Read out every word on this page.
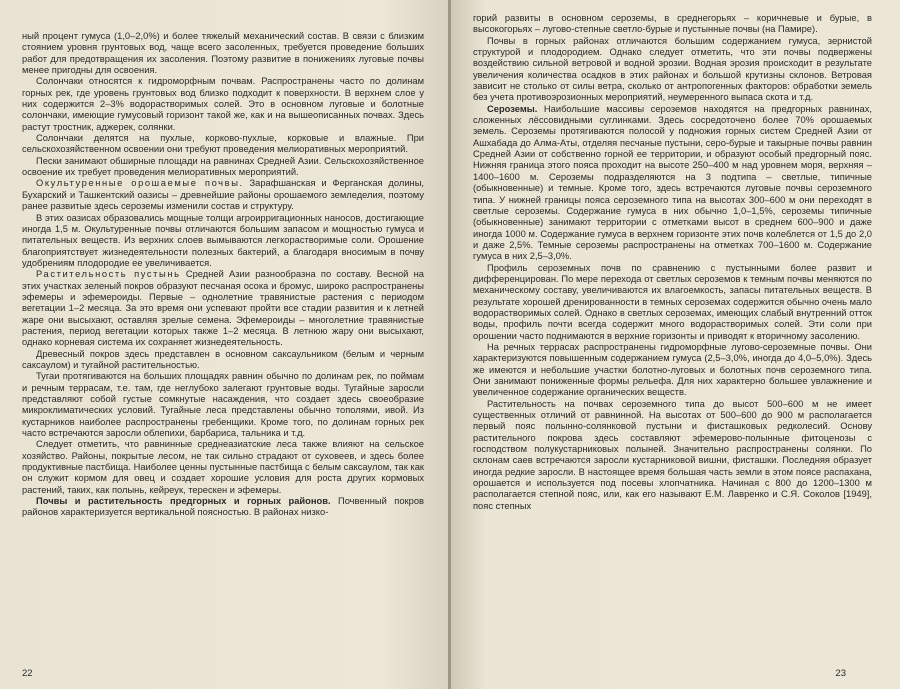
ный процент гумуса (1,0–2,0%) и более тяжелый механический состав. В связи с близким стоянием уровня грунтовых вод, чаще всего засоленных, требуется проведение больших работ для предотвращения их засоления. Поэтому развитие в понижениях луговые почвы менее пригодны для освоения.

Солончаки относятся к гидроморфным почвам. Распространены часто по долинам горных рек, где уровень грунтовых вод близко подходит к поверхности. В верхнем слое у них содержится 2–3% водорастворимых солей. Это в основном луговые и болотные солончаки, имеющие гумусовый горизонт такой же, как и на вышеописанных почвах. Здесь растут тростник, аджерек, солянки.

Солончаки делятся на пухлые, корково-пухлые, корковые и влажные. При сельскохозяйственном освоении они требуют проведения мелиоративных мероприятий.

Пески занимают обширные площади на равнинах Средней Азии. Сельскохозяйственное освоение их требует проведения мелиоративных мероприятий.

Окультуренные орошаемые почвы. Зарафшанская и Ферганская долины, Бухарский и Ташкентский оазисы – древнейшие районы орошаемого земледелия, поэтому ранее развитые здесь сероземы изменили состав и структуру.

В этих оазисах образовались мощные толщи агроирригационных наносов, достигающие иногда 1,5 м. Окультуренные почвы отличаются большим запасом и мощностью гумуса и питательных веществ. Из верхних слоев вымываются легкорастворимые соли. Орошение благоприятствует жизнедеятельности полезных бактерий, а благодаря вносимым в почву удобрениям плодородие ее увеличивается.

Растительность пустынь Средней Азии разнообразна по составу. Весной на этих участках зеленый покров образуют песчаная осока и бромус, широко распространены эфемеры и эфемероиды. Первые – однолетние травянистые растения с периодом вегетации 1–2 месяца. За это время они успевают пройти все стадии развития и к летней жаре они высыхают, оставляя зрелые семена. Эфемероиды – многолетние травянистые растения, период вегетации которых также 1–2 месяца. В летнюю жару они высыхают, однако корневая система их сохраняет жизнедеятельность.

Древесный покров здесь представлен в основном саксаульником (белым и черным саксаулом) и тугайной растительностью.

Тугаи протягиваются на больших площадях равнин обычно по долинам рек, по поймам и речным террасам, т.е. там, где неглубоко залегают грунтовые воды. Тугайные заросли представляют собой густые сомкнутые насаждения, что создает здесь своеобразие микроклиматических условий. Тугайные леса представлены обычно тополями, ивой. Из кустарников наиболее распространены гребенщики. Кроме того, по долинам горных рек часто встречаются заросли облепихи, барбариса, тальника и т.д.

Следует отметить, что равнинные среднеазиатские леса также влияют на сельское хозяйство. Районы, покрытые лесом, не так сильно страдают от суховеев, и здесь более продуктивные пастбища. Наиболее ценны пустынные пастбища с белым саксаулом, так как он служит кормом для овец и создает хорошие условия для роста других кормовых растений, таких, как полынь, кейреук, терескен и эфемеры.

Почвы и растительность предгорных и горных районов. Почвенный покров районов характеризуется вертикальной поясностью. В районах низко-

22

горий развиты в основном сероземы, в среднегорьях – коричневые и бурые, в высокогорьях – лугово-степные светло-бурые и пустынные почвы (на Памире).

Почвы в горных районах отличаются большим содержанием гумуса, зернистой структурой и плодородием. Однако следует отметить, что эти почвы подвержены воздействию сильной ветровой и водной эрозии. Водная эрозия происходит в результате увеличения количества осадков в этих районах и большой крутизны склонов. Ветровая зависит не столько от силы ветра, сколько от антропогенных факторов: обработки земель без учета противоэрозионных мероприятий, неумеренного выпаса скота и т.д.

Сероземы. Наибольшие массивы сероземов находятся на предгорных равнинах, сложенных лёссовидными суглинками. Здесь сосредоточено более 70% орошаемых земель. Сероземы протягиваются полосой у подножия горных систем Средней Азии от Ашхабада до Алма-Аты, отделяя песчаные пустыни, серо-бурые и такырные почвы равнин Средней Азии от собственно горной ее территории, и образуют особый предгорный пояс. Нижняя граница этого пояса проходит на высоте 250–400 м над уровнем моря, верхняя – 1400–1600 м. Сероземы подразделяются на 3 подтипа – светлые, типичные (обыкновенные) и темные. Кроме того, здесь встречаются луговые почвы сероземного типа. У нижней границы пояса сероземного типа на высотах 300–600 м они переходят в светлые сероземы. Содержание гумуса в них обычно 1,0–1,5%, сероземы типичные (обыкновенные) занимают территории с отметками высот в среднем 600–900 и даже иногда 1000 м. Содержание гумуса в верхнем горизонте этих почв колеблется от 1,5 до 2,0 и даже 2,5%. Темные сероземы распространены на отметках 700–1600 м. Содержание гумуса в них 2,5–3,0%.

Профиль сероземных почв по сравнению с пустынными более развит и дифференцирован. По мере перехода от светлых сероземов к темным почвы меняются по механическому составу, увеличиваются их влагоемкость, запасы питательных веществ. В результате хорошей дренированности в темных сероземах содержится обычно очень мало водорастворимых солей. Однако в светлых сероземах, имеющих слабый внутренний отток воды, профиль почти всегда содержит много водорастворимых солей. Эти соли при орошении часто поднимаются в верхние горизонты и приводят к вторичному засолению.

На речных террасах распространены гидроморфные лугово-сероземные почвы. Они характеризуются повышенным содержанием гумуса (2,5–3,0%, иногда до 4,0–5,0%). Здесь же имеются и небольшие участки болотно-луговых и болотных почв сероземного типа. Они занимают пониженные формы рельефа. Для них характерно большее увлажнение и увеличенное содержание органических веществ.

Растительность на почвах сероземного типа до высот 500–600 м не имеет существенных отличий от равнинной. На высотах от 500–600 до 900 м располагается первый пояс полынно-солянковой пустыни и фисташковых редколесий. Основу растительного покрова здесь составляют эфемерово-полынные фитоценозы с господством полукустарниковых полыней. Значительно распространены солянки. По склонам саев встречаются заросли кустарниковой вишни, фисташки. Последняя образует иногда редкие заросли. В настоящее время большая часть земли в этом поясе распахана, орошается и используется под посевы хлопчатника. Начиная с 800 до 1200–1300 м располагается степной пояс, или, как его называют Е.М. Лавренко и С.Я. Соколов [1949], пояс степных

23
